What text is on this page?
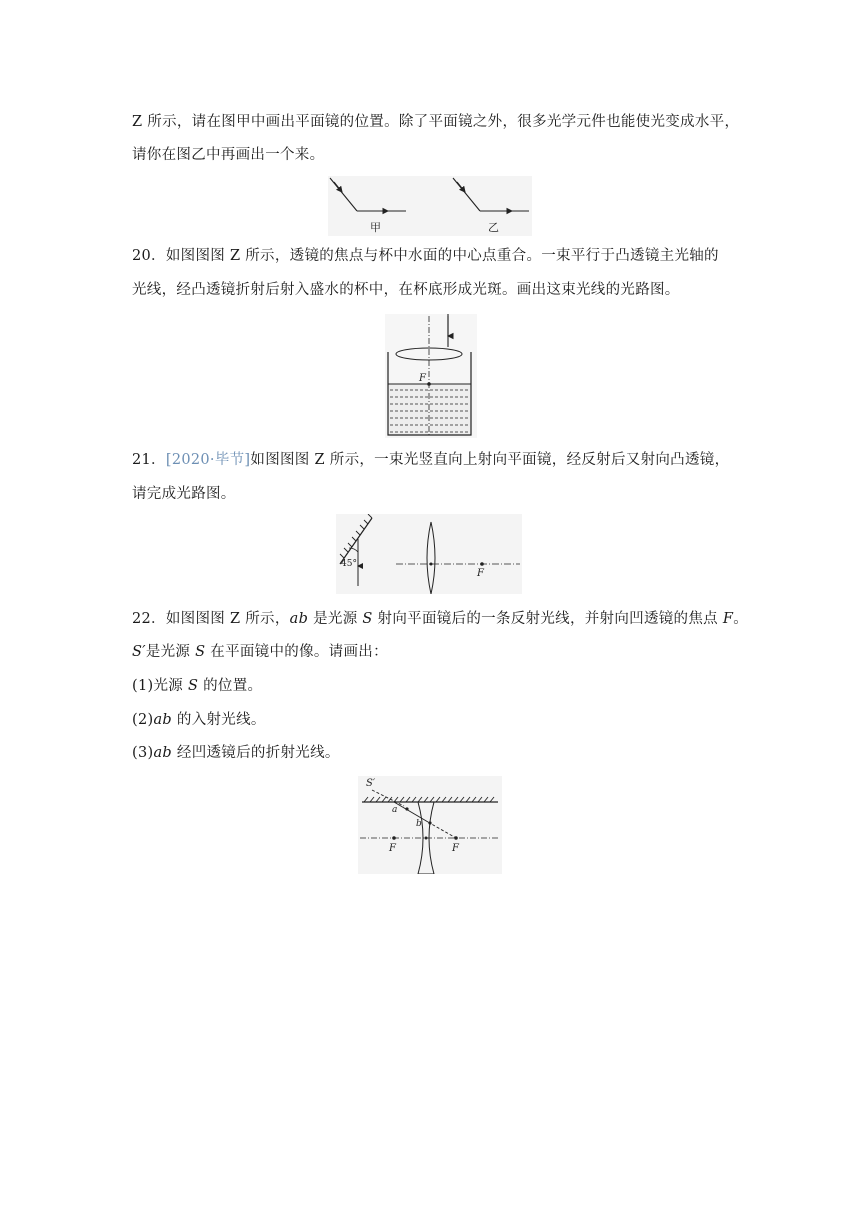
Z 所示，请在图甲中画出平面镜的位置。除了平面镜之外，很多光学元件也能使光变成水平，
请你在图乙中再画出一个来。
甲	乙
20．如图图图 Z 所示，透镜的焦点与杯中水面的中心点重合。一束平行于凸透镜主光轴的
光线，经凸透镜折射后射入盛水的杯中，在杯底形成光斑。画出这束光线的光路图。
F
21．[2020·毕节]如图图图 Z 所示，一束光竖直向上射向平面镜，经反射后又射向凸透镜，
请完成光路图。
45°
F
22．如图图图 Z 所示，ab 是光源 S 射向平面镜后的一条反射光线，并射向凹透镜的焦点 F。
S′是光源 S 在平面镜中的像。请画出：
(1)光源 S 的位置。
(2)ab 的入射光线。
(3)ab 经凹透镜后的折射光线。
S′
a
b
F	F
